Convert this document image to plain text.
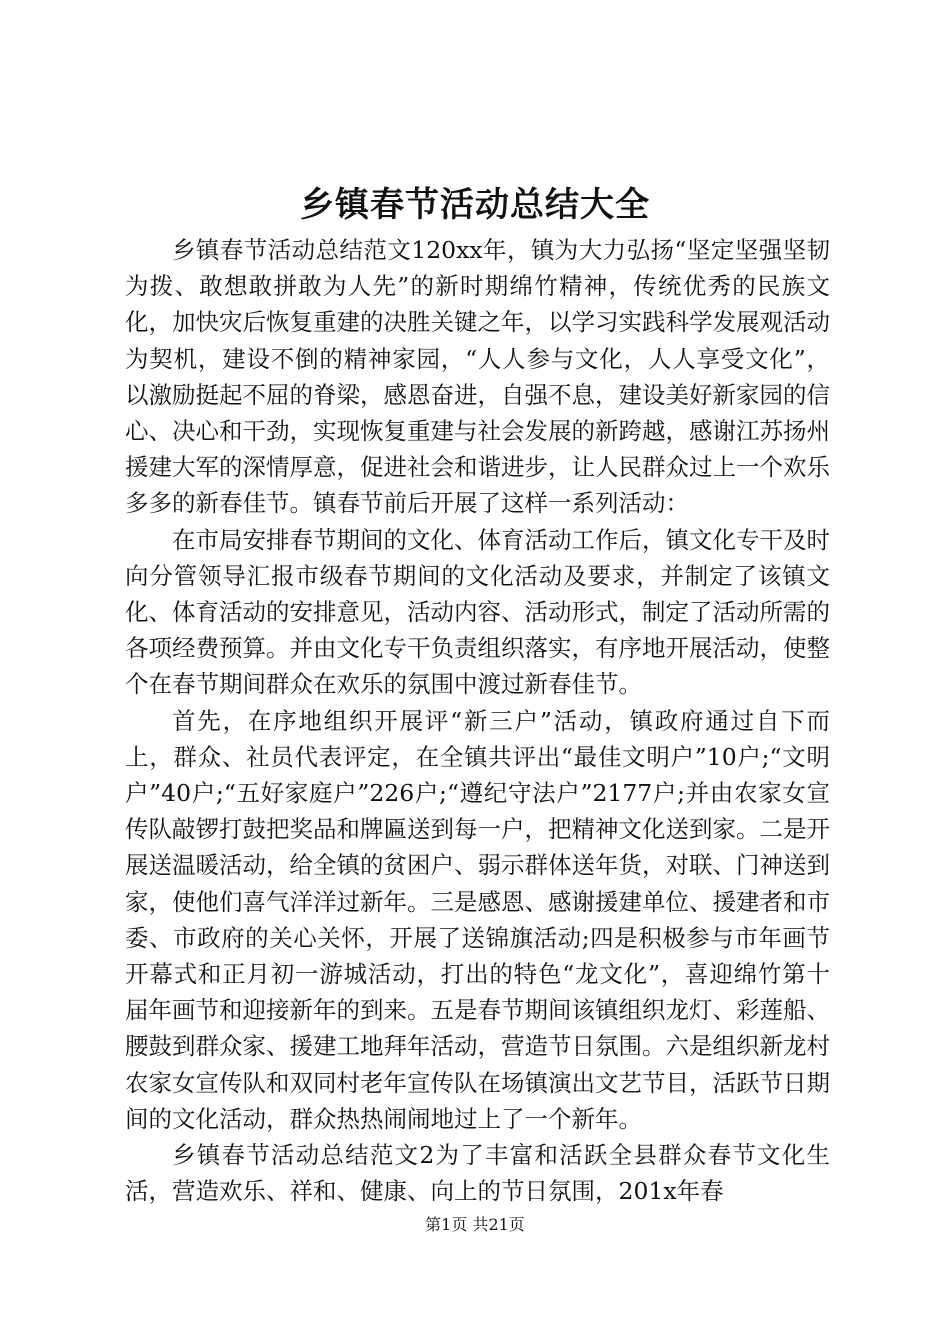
乡镇春节活动总结大全

乡镇春节活动总结范文120xx年，镇为大力弘扬“坚定坚强坚韧为拨、敢想敢拼敢为人先”的新时期绵竹精神，传统优秀的民族文化，加快灾后恢复重建的决胜关键之年，以学习实践科学发展观活动为契机，建设不倒的精神家园，“人人参与文化，人人享受文化”，以激励挺起不屈的脊梁，感恩奋进，自强不息，建设美好新家园的信心、决心和干劲，实现恢复重建与社会发展的新跨越，感谢江苏扬州援建大军的深情厚意，促进社会和谐进步，让人民群众过上一个欢乐多多的新春佳节。镇春节前后开展了这样一系列活动：

在市局安排春节期间的文化、体育活动工作后，镇文化专干及时向分管领导汇报市级春节期间的文化活动及要求，并制定了该镇文化、体育活动的安排意见，活动内容、活动形式，制定了活动所需的各项经费预算。并由文化专干负责组织落实，有序地开展活动，使整个在春节期间群众在欢乐的氛围中渡过新春佳节。

首先，在序地组织开展评“新三户”活动，镇政府通过自下而上，群众、社员代表评定，在全镇共评出“最佳文明户”10户;“文明户”40户;“五好家庭户”226户;“遵纪守法户”2177户;并由农家女宣传队敲锣打鼓把奖品和牌匾送到每一户，把精神文化送到家。二是开展送温暖活动，给全镇的贫困户、弱示群体送年货，对联、门神送到家，使他们喜气洋洋过新年。三是感恩、感谢援建单位、援建者和市委、市政府的关心关怀，开展了送锦旗活动;四是积极参与市年画节开幕式和正月初一游城活动，打出的特色“龙文化”，喜迎绵竹第十届年画节和迎接新年的到来。五是春节期间该镇组织龙灯、彩莲船、腰鼓到群众家、援建工地拜年活动，营造节日氛围。六是组织新龙村农家女宣传队和双同村老年宣传队在场镇演出文艺节目，活跃节日期间的文化活动，群众热热闹闹地过上了一个新年。

乡镇春节活动总结范文2为了丰富和活跃全县群众春节文化生活，营造欢乐、祥和、健康、向上的节日氛围，201x年春

第1页 共21页
